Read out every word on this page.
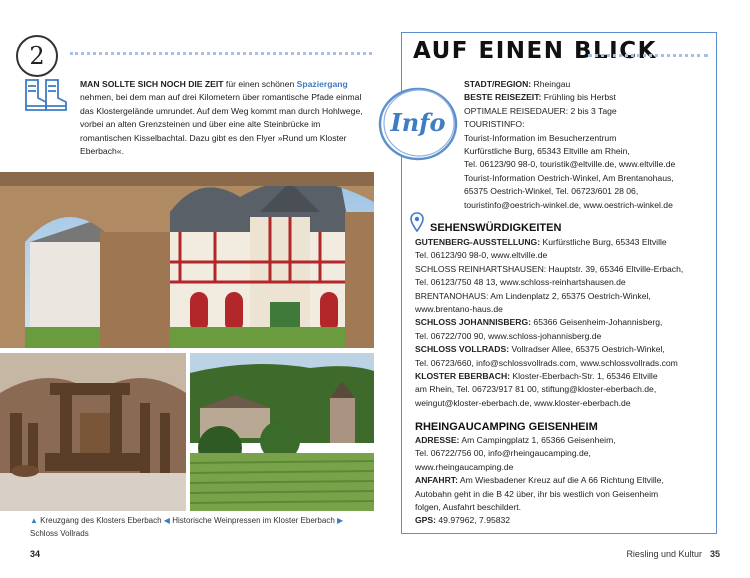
2
MAN SOLLTE SICH NOCH DIE ZEIT für einen schönen Spaziergang nehmen, bei dem man auf drei Kilometern über romantische Pfade einmal das Klostergelände umrundet. Auf dem Weg kommt man durch Hohlwege, vorbei an alten Grenzsteinen und über eine alte Steinbrücke im romantischen Kisselbachtal. Dazu gibt es den Flyer »Rund um Kloster Eberbach«.
▲ Kreuzgang des Klosters Eberbach ◀ Historische Weinpressen im Kloster Eberbach ▶ Schloss Vollrads
34
AUF EINEN BLICK
Info
STADT/REGION: Rheingau
BESTE REISEZEIT: Frühling bis Herbst
OPTIMALE REISEDAUER: 2 bis 3 Tage
TOURISTINFO:
Tourist-Information im Besucherzentrum
Kurfürstliche Burg, 65343 Eltville am Rhein,
Tel. 06123/90 98-0, touristik@eltville.de, www.eltville.de
Tourist-Information Oestrich-Winkel, Am Brentanohaus,
65375 Oestrich-Winkel, Tel. 06723/601 28 06,
touristinfo@oestrich-winkel.de, www.oestrich-winkel.de
SEHENSWÜRDIGKEITEN
GUTENBERG-AUSSTELLUNG: Kurfürstliche Burg, 65343 Eltville
Tel. 06123/90 98-0, www.eltville.de
SCHLOSS REINHARTSHAUSEN: Hauptstr. 39, 65346 Eltville-Erbach,
Tel. 06123/750 48 13, www.schloss-reinhartshausen.de
BRENTANOHAUS: Am Lindenplatz 2, 65375 Oestrich-Winkel,
www.brentano-haus.de
SCHLOSS JOHANNISBERG: 65366 Geisenheim-Johannisberg,
Tel. 06722/700 90, www.schloss-johannisberg.de
SCHLOSS VOLLRADS: Vollradser Allee, 65375 Oestrich-Winkel,
Tel. 06723/660, info@schlossvollrads.com, www.schlossvollrads.com
KLOSTER EBERBACH: Kloster-Eberbach-Str. 1, 65346 Eltville
am Rhein, Tel. 06723/917 81 00, stiftung@kloster-eberbach.de,
weingut@kloster-eberbach.de, www.kloster-eberbach.de
RHEINGAUCAMPING GEISENHEIM
ADRESSE: Am Campingplatz 1, 65366 Geisenheim,
Tel. 06722/756 00, info@rheingaucamping.de,
www.rheingaucamping.de
ANFAHRT: Am Wiesbadener Kreuz auf die A 66 Richtung Eltville,
Autobahn geht in die B 42 über, ihr bis westlich von Geisenheim
folgen, Ausfahrt beschildert.
GPS: 49.97962, 7.95832
Riesling und Kultur 35
